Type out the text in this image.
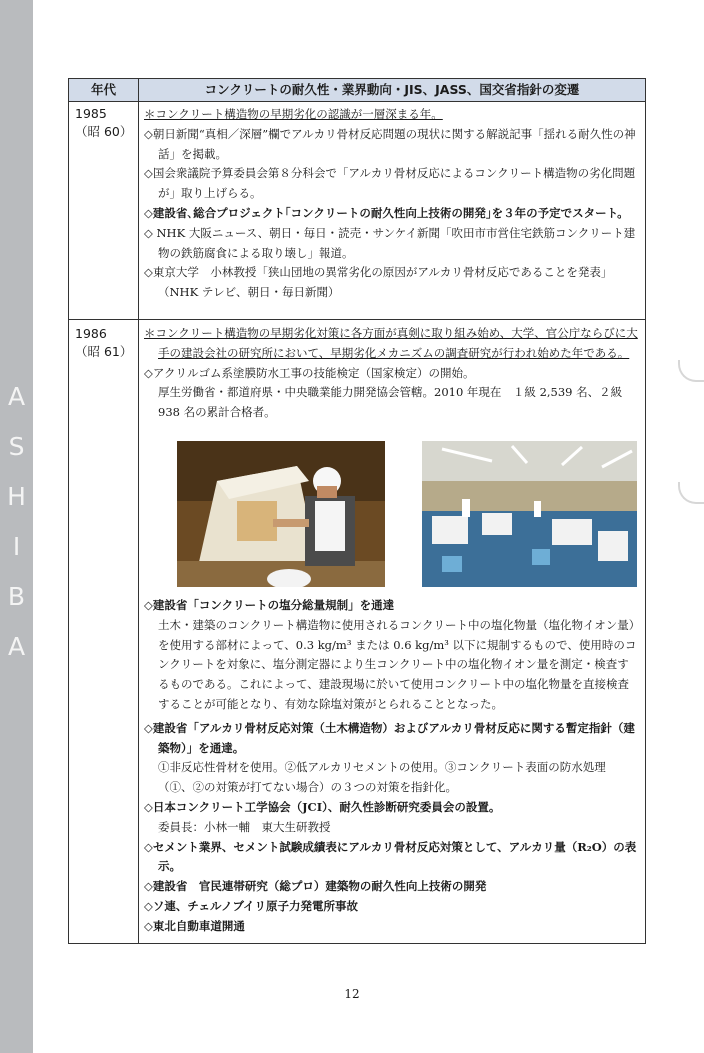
A
S
H
I
B
A
年代	コンクリートの耐久性・業界動向・JIS、JASS、国交省指針の変遷
1985
（昭 60）

＊コンクリート構造物の早期劣化の認識が一層深まる年。

◇朝日新聞“真相／深層”欄でアルカリ骨材反応問題の現状に関する解説記事「揺れる耐久性の神話」を掲載。

◇国会衆議院予算委員会第８分科会で「アルカリ骨材反応によるコンクリート構造物の劣化問題が」取り上げらる。

◇建設省､総合プロジェクト｢コンクリートの耐久性向上技術の開発｣を３年の予定でスタート。

◇ NHK 大阪ニュース、朝日・毎日・読売・サンケイ新聞「吹田市市営住宅鉄筋コンクリート建物の鉄筋腐食による取り壊し」報道。

◇東京大学　小林教授「狭山団地の異常劣化の原因がアルカリ骨材反応であることを発表」

（NHK テレビ、朝日・毎日新聞）

1986
（昭 61）

＊コンクリート構造物の早期劣化対策に各方面が真剣に取り組み始め、大学、官公庁ならびに大手の建設会社の研究所において、早期劣化メカニズムの調査研究が行われ始めた年である。

◇アクリルゴム系塗膜防水工事の技能検定（国家検定）の開始。

厚生労働省・都道府県・中央職業能力開発協会管轄。2010 年現在　１級 2,539 名、２級 938 名の累計合格者。

◇建設省「コンクリートの塩分総量規制」を通達

土木・建築のコンクリート構造物に使用されるコンクリート中の塩化物量（塩化物イオン量）を使用する部材によって、0.3 kg/m³ または 0.6 kg/m³ 以下に規制するもので、使用時のコンクリートを対象に、塩分測定器により生コンクリート中の塩化物イオン量を測定・検査するものである。これによって、建設現場に於いて使用コンクリート中の塩化物量を直接検査することが可能となり、有効な除塩対策がとられることとなった。

◇建設省「アルカリ骨材反応対策（土木構造物）およびアルカリ骨材反応に関する暫定指針（建築物）」を通達。

①非反応性骨材を使用。②低アルカリセメントの使用。③コンクリート表面の防水処理（①、②の対策が打てない場合）の３つの対策を指針化。

◇日本コンクリート工学協会（JCI）、耐久性診断研究委員会の設置。

委員長：小林一輔　東大生研教授

◇セメント業界、セメント試験成績表にアルカリ骨材反応対策として、アルカリ量（R₂O）の表示。

◇建設省　官民連帯研究（総プロ）建築物の耐久性向上技術の開発

◇ソ連、チェルノブイリ原子力発電所事故

◇東北自動車道開通

12
